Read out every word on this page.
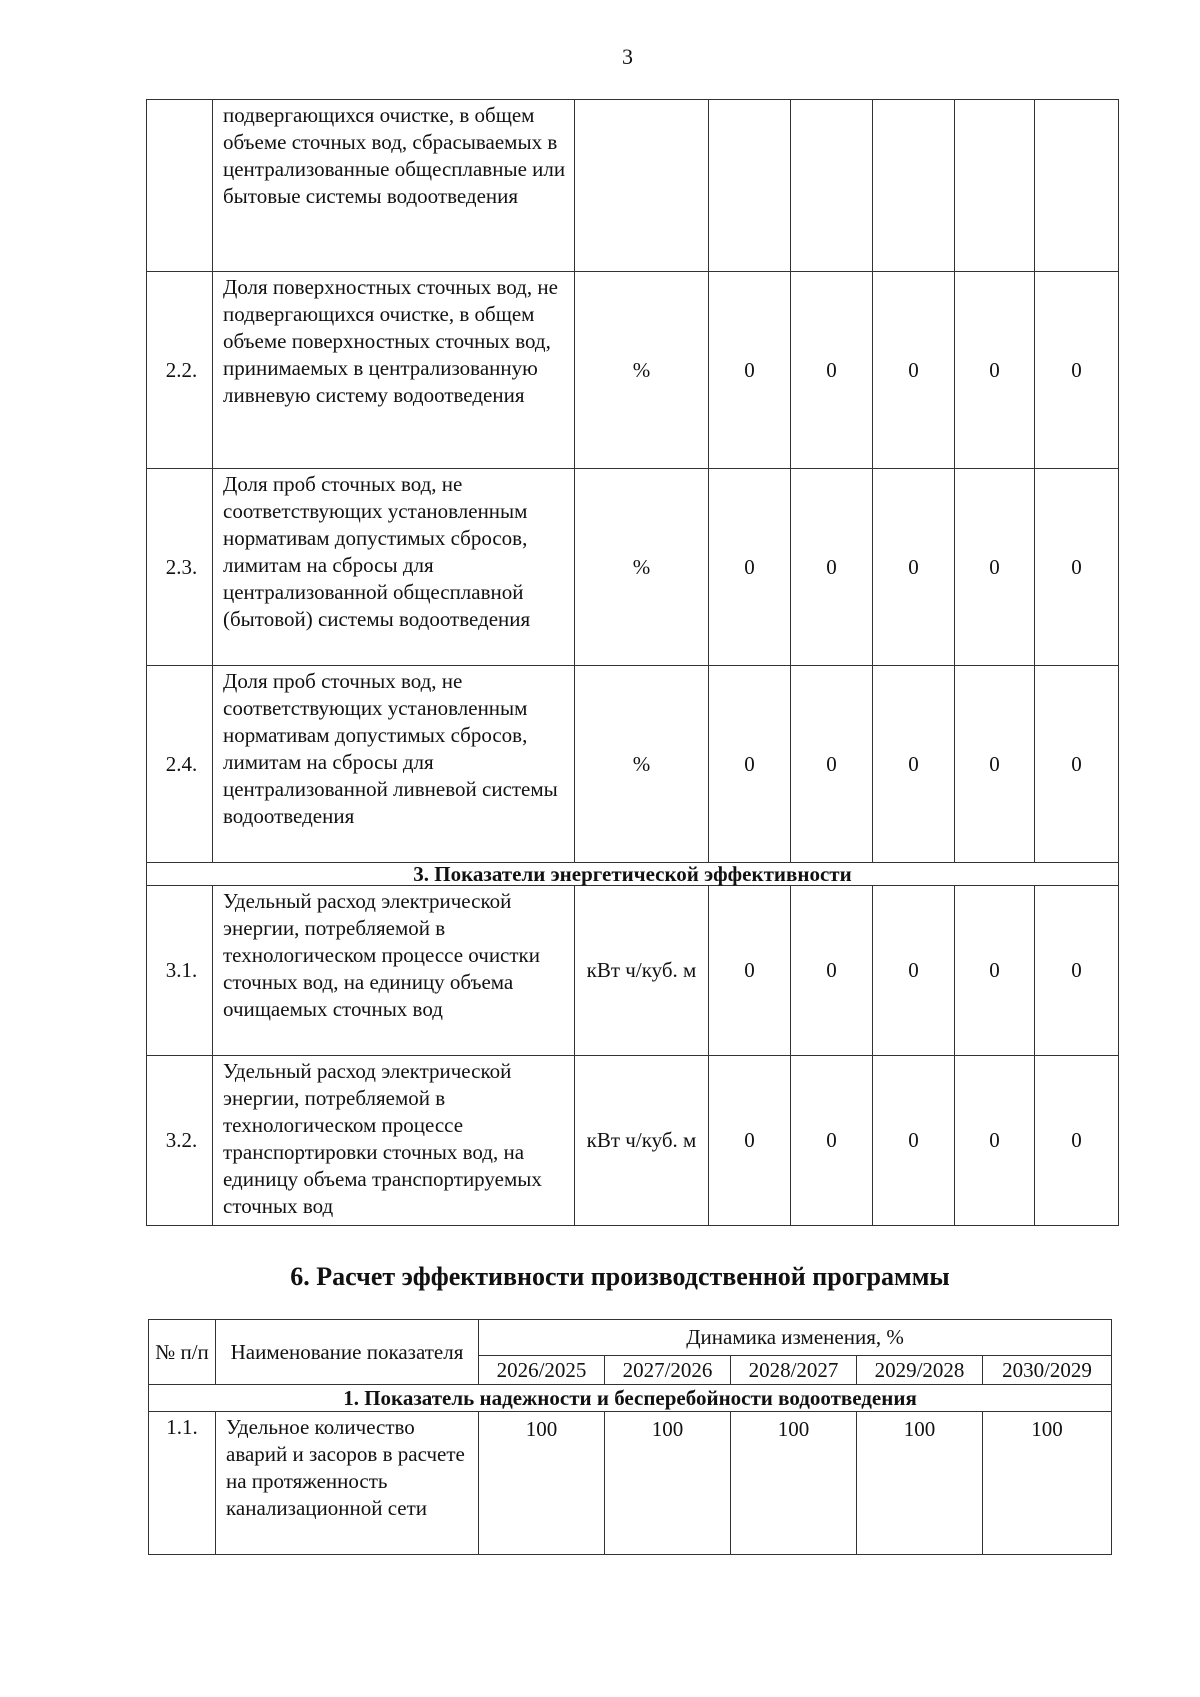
3
	подвергающихся очистке, в общем объеме сточных вод, сбрасываемых в централизованные общесплавные или бытовые системы водоотведения						
2.2.	Доля поверхностных сточных вод, не подвергающихся очистке, в общем объеме поверхностных сточных вод, принимаемых в централизованную ливневую систему водоотведения	%	0	0	0	0	0
2.3.	Доля проб сточных вод, не соответствующих установленным нормативам допустимых сбросов, лимитам на сбросы для централизованной общесплавной (бытовой) системы водоотведения	%	0	0	0	0	0
2.4.	Доля проб сточных вод, не соответствующих установленным нормативам допустимых сбросов, лимитам на сбросы для централизованной ливневой системы водоотведения	%	0	0	0	0	0
3. Показатели энергетической эффективности							
3.1.	Удельный расход электрической энергии, потребляемой в технологическом процессе очистки сточных вод, на единицу объема очищаемых сточных вод	кВт ч/куб. м	0	0	0	0	0
3.2.	Удельный расход электрической энергии, потребляемой в технологическом процессе транспортировки сточных вод, на единицу объема транспортируемых сточных вод	кВт ч/куб. м	0	0	0	0	0
6. Расчет эффективности производственной программы
№ п/п	Наименование показателя	Динамика изменения, %				
		2026/2025	2027/2026	2028/2027	2029/2028	2030/2029
1. Показатель надежности и бесперебойности водоотведения						
1.1.	Удельное количество аварий и засоров в расчете на протяженность канализационной сети	100	100	100	100	100
